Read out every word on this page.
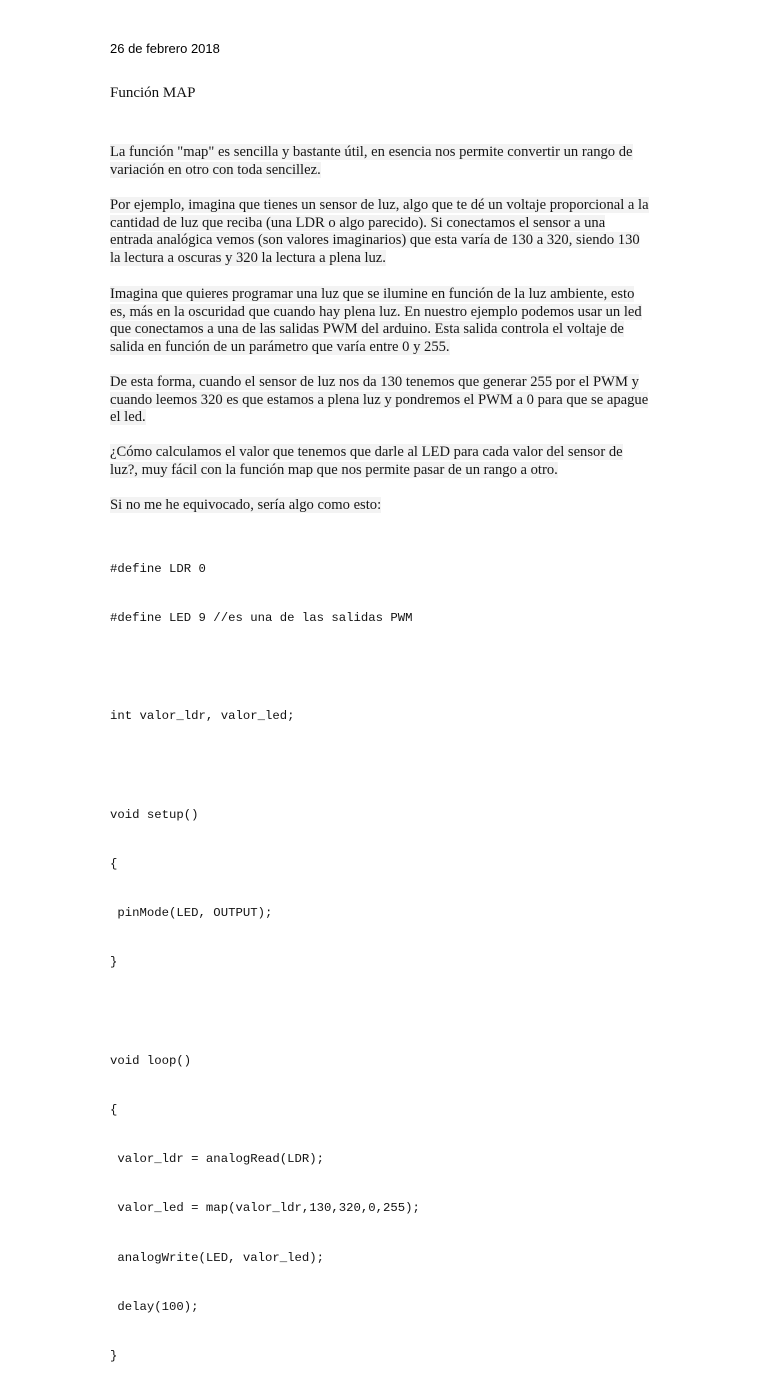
26 de febrero 2018
Función MAP

La función "map" es sencilla y bastante útil, en esencia nos permite convertir un rango de variación en otro con toda sencillez.

Por ejemplo, imagina que tienes un sensor de luz, algo que te dé un voltaje proporcional a la cantidad de luz que reciba (una LDR o algo parecido). Si conectamos el sensor a una entrada analógica vemos (son valores imaginarios) que esta varía de 130 a 320, siendo 130 la lectura a oscuras y 320 la lectura a plena luz.

Imagina que quieres programar una luz que se ilumine en función de la luz ambiente, esto es, más en la oscuridad que cuando hay plena luz. En nuestro ejemplo podemos usar un led que conectamos a una de las salidas PWM del arduino. Esta salida controla el voltaje de salida en función de un parámetro que varía entre 0 y 255.

De esta forma, cuando el sensor de luz nos da 130 tenemos que generar 255 por el PWM y cuando leemos 320 es que estamos a plena luz y pondremos el PWM a 0 para que se apague el led.

¿Cómo calculamos el valor que tenemos que darle al LED para cada valor del sensor de luz?, muy fácil con la función map que nos permite pasar de un rango a otro.

Si no me he equivocado, sería algo como esto:

#define LDR 0

#define LED 9 //es una de las salidas PWM

int valor_ldr, valor_led;

void setup()

{

pinMode(LED, OUTPUT);

}

void loop()

{

valor_ldr = analogRead(LDR);

valor_led = map(valor_ldr,130,320,0,255);

analogWrite(LED, valor_led);

delay(100);

}
